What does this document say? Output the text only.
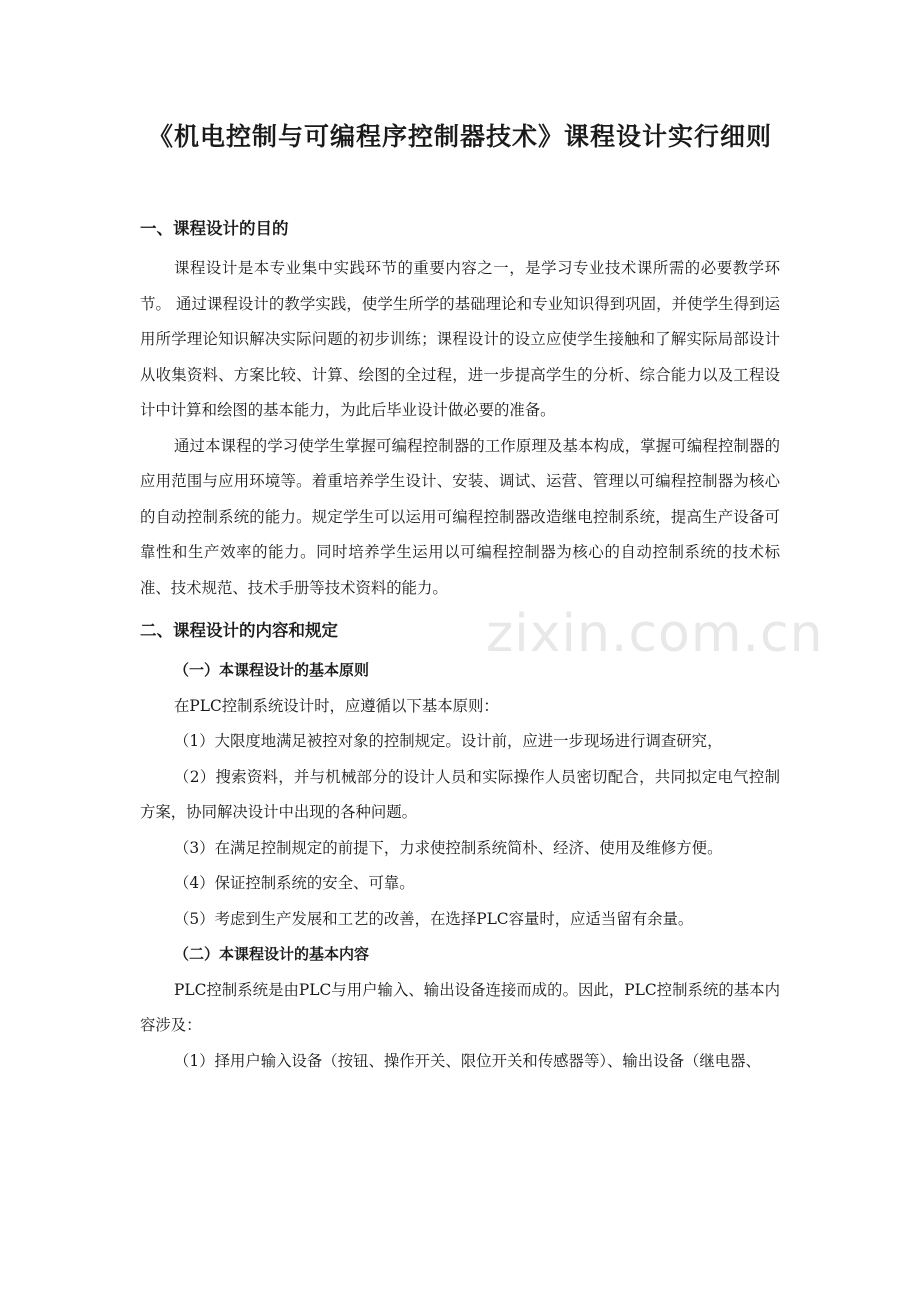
《机电控制与可编程序控制器技术》课程设计实行细则
一、课程设计的目的

课程设计是本专业集中实践环节的重要内容之一，是学习专业技术课所需的必要教学环节。 通过课程设计的教学实践，使学生所学的基础理论和专业知识得到巩固，并使学生得到运用所学理论知识解决实际问题的初步训练；课程设计的设立应使学生接触和了解实际局部设计从收集资料、方案比较、计算、绘图的全过程，进一步提高学生的分析、综合能力以及工程设计中计算和绘图的基本能力，为此后毕业设计做必要的准备。

通过本课程的学习使学生掌握可编程控制器的工作原理及基本构成，掌握可编程控制器的应用范围与应用环境等。着重培养学生设计、安装、调试、运营、管理以可编程控制器为核心的自动控制系统的能力。规定学生可以运用可编程控制器改造继电控制系统，提高生产设备可靠性和生产效率的能力。同时培养学生运用以可编程控制器为核心的自动控制系统的技术标准、技术规范、技术手册等技术资料的能力。

二、课程设计的内容和规定
（一）本课程设计的基本原则

在PLC控制系统设计时，应遵循以下基本原则：

（1）大限度地满足被控对象的控制规定。设计前，应进一步现场进行调查研究，

（2）搜索资料，并与机械部分的设计人员和实际操作人员密切配合，共同拟定电气控制方案，协同解决设计中出现的各种问题。

（3）在满足控制规定的前提下，力求使控制系统简朴、经济、使用及维修方便。

（4）保证控制系统的安全、可靠。

（5）考虑到生产发展和工艺的改善，在选择PLC容量时，应适当留有余量。

（二）本课程设计的基本内容

PLC控制系统是由PLC与用户输入、输出设备连接而成的。因此，PLC控制系统的基本内容涉及：

（1）择用户输入设备（按钮、操作开关、限位开关和传感器等）、输出设备（继电器、

zixin.com.cn
